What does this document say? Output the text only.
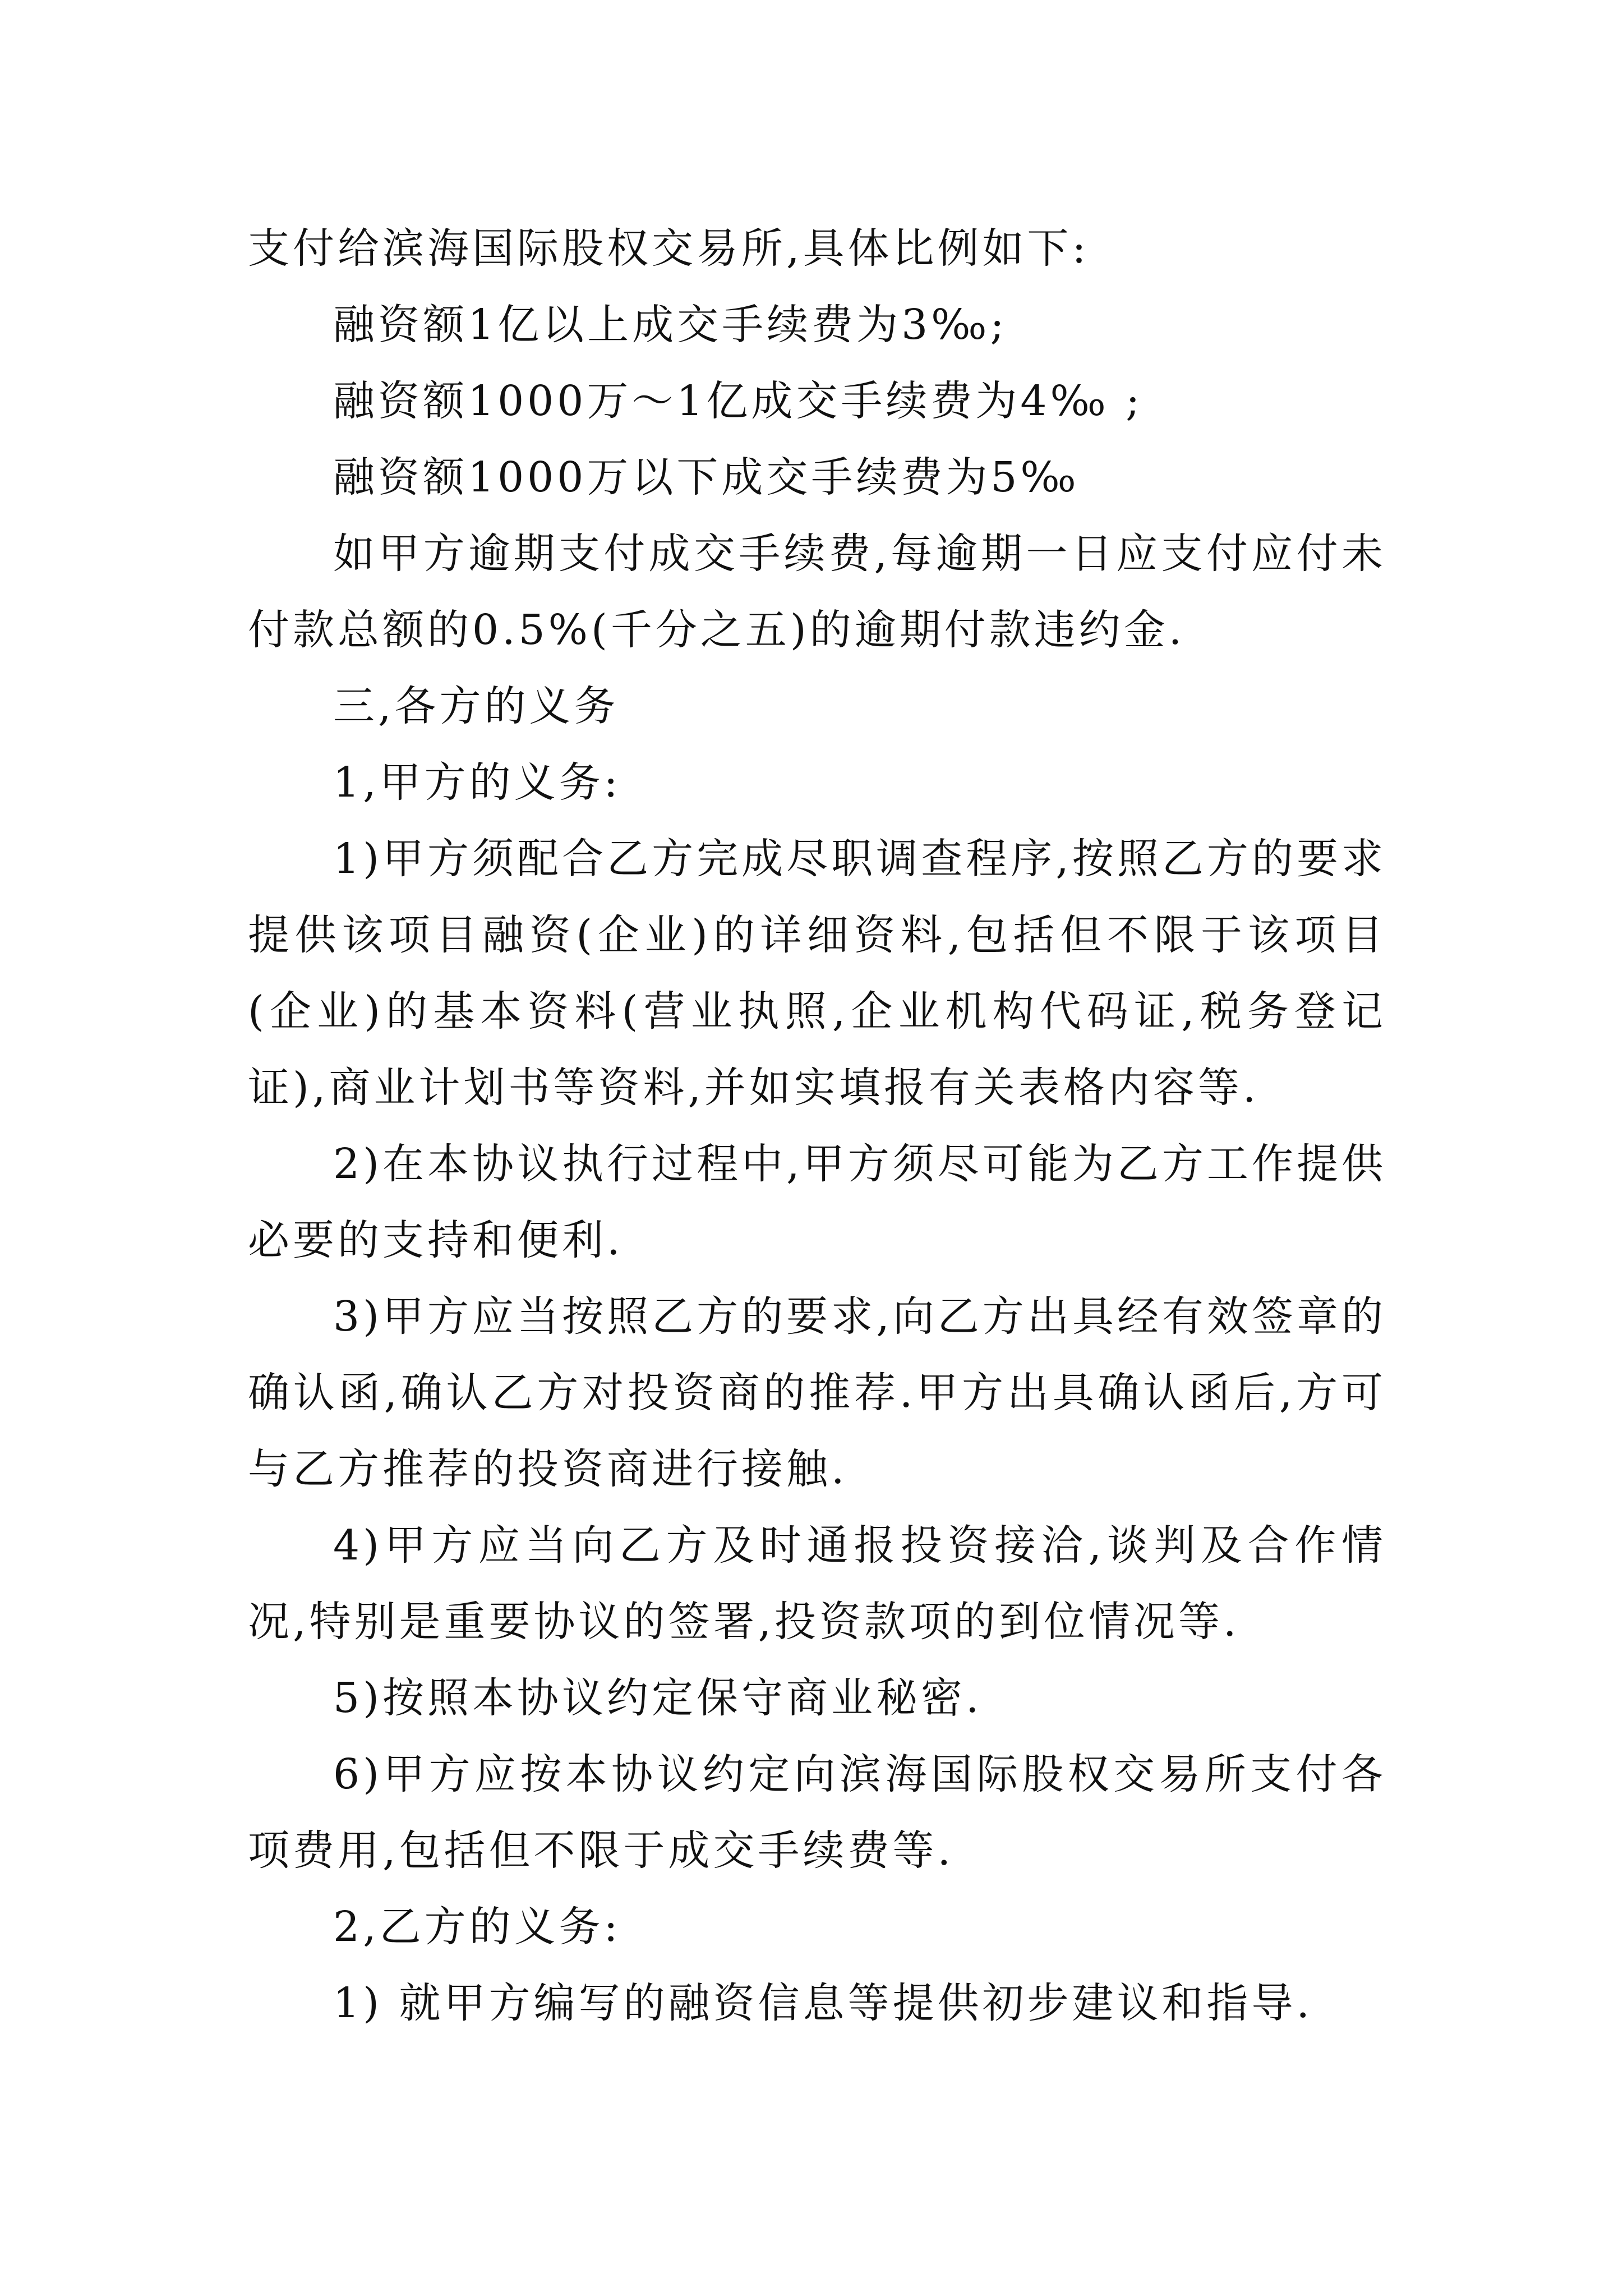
支付给滨海国际股权交易所,具体比例如下:

融资额1亿以上成交手续费为3‰;

融资额1000万～1亿成交手续费为4‰ ;

融资额1000万以下成交手续费为5‰

如甲方逾期支付成交手续费,每逾期一日应支付应付未付款总额的0.5%(千分之五)的逾期付款违约金.

三,各方的义务

1,甲方的义务:

1)甲方须配合乙方完成尽职调查程序,按照乙方的要求提供该项目融资(企业)的详细资料,包括但不限于该项目(企业)的基本资料(营业执照,企业机构代码证,税务登记证),商业计划书等资料,并如实填报有关表格内容等.

2)在本协议执行过程中,甲方须尽可能为乙方工作提供必要的支持和便利.

3)甲方应当按照乙方的要求,向乙方出具经有效签章的确认函,确认乙方对投资商的推荐.甲方出具确认函后,方可与乙方推荐的投资商进行接触.

4)甲方应当向乙方及时通报投资接洽,谈判及合作情况,特别是重要协议的签署,投资款项的到位情况等.

5)按照本协议约定保守商业秘密.

6)甲方应按本协议约定向滨海国际股权交易所支付各项费用,包括但不限于成交手续费等.

2,乙方的义务:

1) 就甲方编写的融资信息等提供初步建议和指导.
